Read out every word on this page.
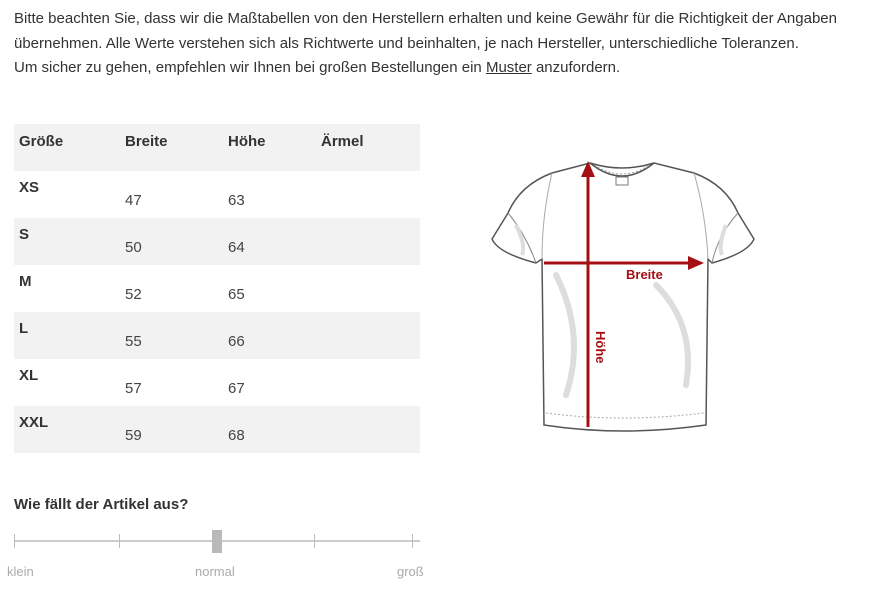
Bitte beachten Sie, dass wir die Maßtabellen von den Herstellern erhalten und keine Gewähr für die Richtigkeit der Angaben übernehmen. Alle Werte verstehen sich als Richtwerte und beinhalten, je nach Hersteller, unterschiedliche Toleranzen.

Um sicher zu gehen, empfehlen wir Ihnen bei großen Bestellungen ein Muster anzufordern.

Größe	Breite	Höhe	Ärmel
XS	47	63	
S	50	64	
M	52	65	
L	55	66	
XL	57	67	
XXL	59	68	
Breite
Höhe
Wie fällt der Artikel aus?
klein	normal	groß
